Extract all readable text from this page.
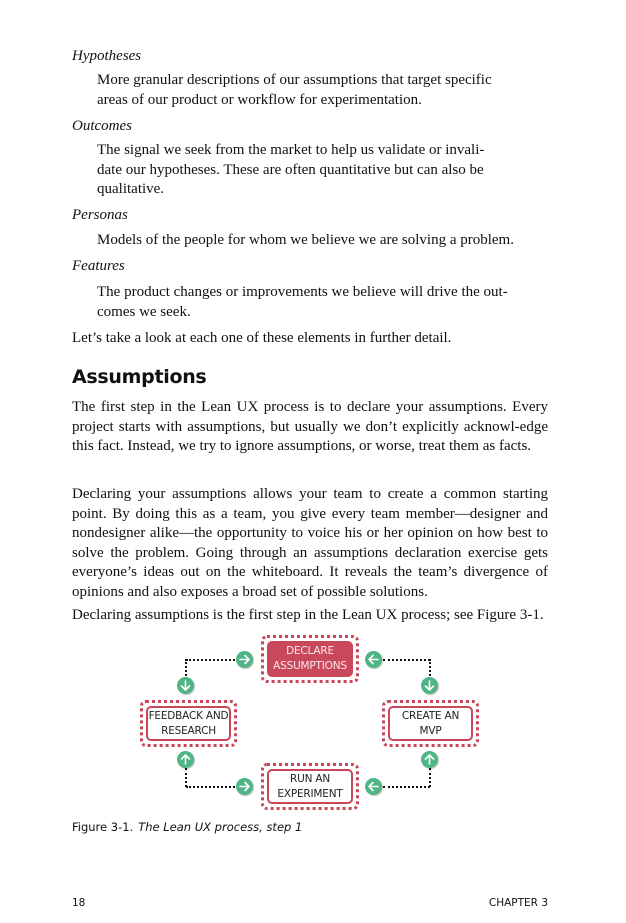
Hypotheses
More granular descriptions of our assumptions that target specific
areas of our product or workflow for experimentation.
Outcomes
The signal we seek from the market to help us validate or invali-
date our hypotheses. These are often quantitative but can also be
qualitative.
Personas
Models of the people for whom we believe we are solving a problem.
Features
The product changes or improvements we believe will drive the out-
comes we seek.
Let’s take a look at each one of these elements in further detail.
Assumptions
The first step in the Lean UX process is to declare your assumptions. Every project starts with assumptions, but usually we don’t explicitly acknowl-edge this fact. Instead, we try to ignore assumptions, or worse, treat them as facts.
Declaring your assumptions allows your team to create a common starting point. By doing this as a team, you give every team member—designer and nondesigner alike—the opportunity to voice his or her opinion on how best to solve the problem. Going through an assumptions declaration exercise gets everyone’s ideas out on the whiteboard. It reveals the team’s divergence of opinions and also exposes a broad set of possible solutions.
Declaring assumptions is the first step in the Lean UX process; see Figure 3-1.
DECLARE
ASSUMPTIONS
FEEDBACK AND
RESEARCH
CREATE AN
MVP
RUN AN
EXPERIMENT
Figure 3-1. The Lean UX process, step 1
18	CHAPTER 3
